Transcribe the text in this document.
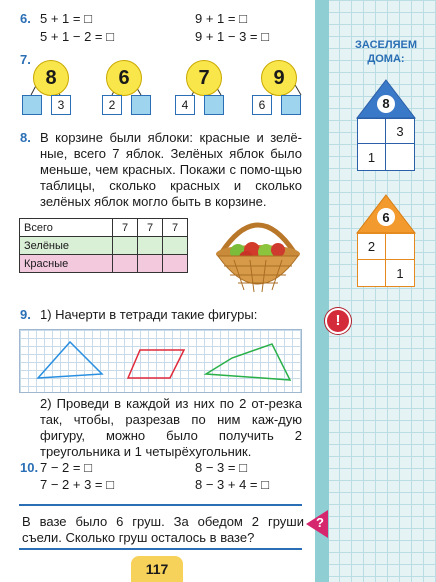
ЗАСЕЛЯЕМ ДОМА:
8
3
1
6
2
1
!
6. 5 + 1 = □
5 + 1 − 2 = □
9 + 1 = □
9 + 1 − 3 = □
7.
8
3
6
2
7
4
9
6
8. В корзине были яблоки: красные и зелё-ные, всего 7 яблок. Зелёных яблок было меньше, чем красных. Покажи с помо-щью таблицы, сколько красных и сколько зелёных яблок могло быть в корзине.
Всего	7	7	7
Зелёные			
Красные			
9. 1) Начерти в тетради такие фигуры:
2) Проведи в каждой из них по 2 от-резка так, чтобы, разрезав по ним каж-дую фигуру, можно было получить 2 треугольника и 1 четырёхугольник.
10. 7 − 2 = □
7 − 2 + 3 = □
8 − 3 = □
8 − 3 + 4 = □
В вазе было 6 груш. За обедом 2 груши съели. Сколько груш осталось в вазе?
?
117
